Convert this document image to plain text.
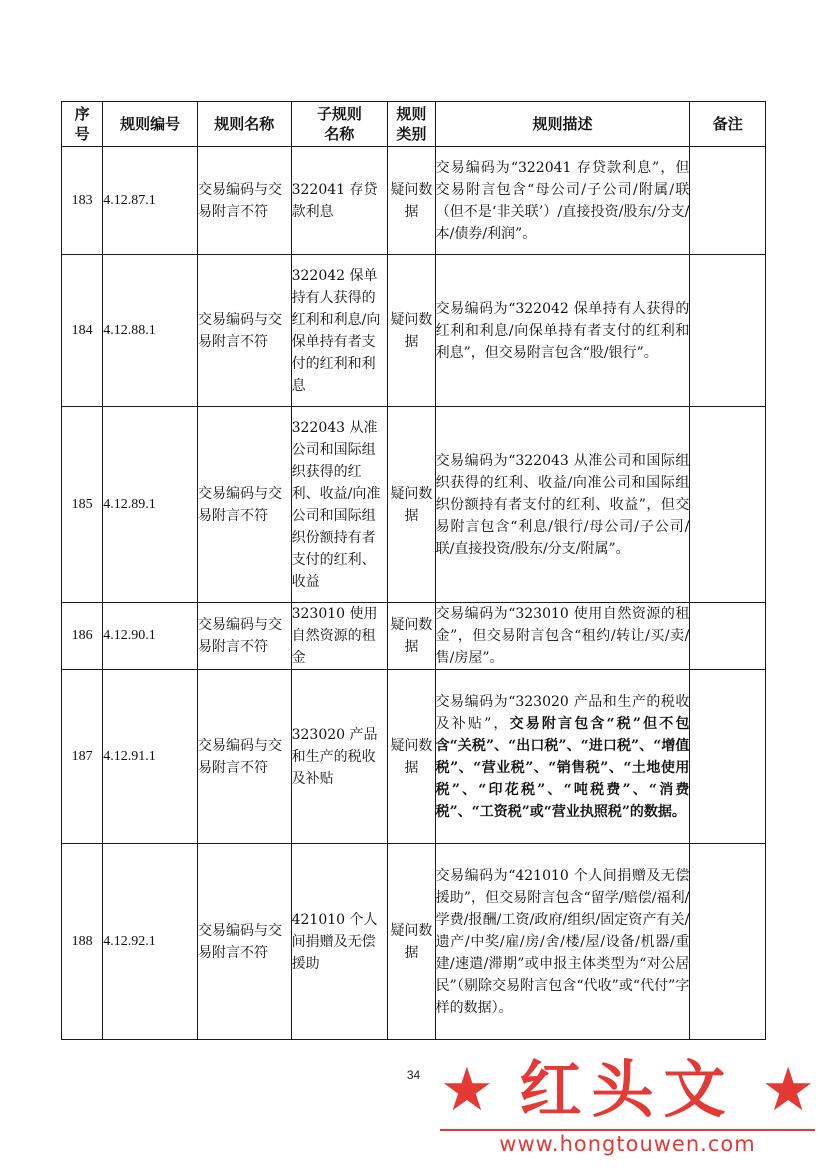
序号	规则编号	规则名称	子规则名称	规则类别	规则描述	备注
183	4.12.87.1	交易编码与交易附言不符	322041 存贷款利息	疑问数据	交易编码为“322041 存贷款利息”，但交易附言包含“母公司/子公司/附属/联（但不是‘非关联’）/直接投资/股东/分支/本/债券/利润”。	
184	4.12.88.1	交易编码与交易附言不符	322042 保单持有人获得的红利和利息/向保单持有者支付的红利和利息	疑问数据	交易编码为“322042 保单持有人获得的红利和利息/向保单持有者支付的红利和利息”，但交易附言包含“股/银行”。	
185	4.12.89.1	交易编码与交易附言不符	322043 从准公司和国际组织获得的红利、收益/向准公司和国际组织份额持有者支付的红利、收益	疑问数据	交易编码为“322043 从准公司和国际组织获得的红利、收益/向准公司和国际组织份额持有者支付的红利、收益”，但交易附言包含“利息/银行/母公司/子公司/联/直接投资/股东/分支/附属”。	
186	4.12.90.1	交易编码与交易附言不符	323010 使用自然资源的租金	疑问数据	交易编码为“323010 使用自然资源的租金”，但交易附言包含“租约/转让/买/卖/售/房屋”。	
187	4.12.91.1	交易编码与交易附言不符	323020 产品和生产的税收及补贴	疑问数据	交易编码为“323020 产品和生产的税收及补贴”，交易附言包含“税”但不包含“关税”、“出口税”、“进口税”、“增值税”、“营业税”、“销售税”、“土地使用税”、“印花税”、“吨税费”、“消费税”、“工资税”或“营业执照税”的数据。	
188	4.12.92.1	交易编码与交易附言不符	421010 个人间捐赠及无偿援助	疑问数据	交易编码为“421010 个人间捐赠及无偿援助”，但交易附言包含“留学/赔偿/福利/学费/报酬/工资/政府/组织/固定资产有关/遗产/中奖/雇/房/舍/楼/屋/设备/机器/重建/速遣/滞期”或申报主体类型为“对公居民”（剔除交易附言包含“代收”或“代付”字样的数据）。	
34 ★ 红头文 ★
www.hongtouwen.com
